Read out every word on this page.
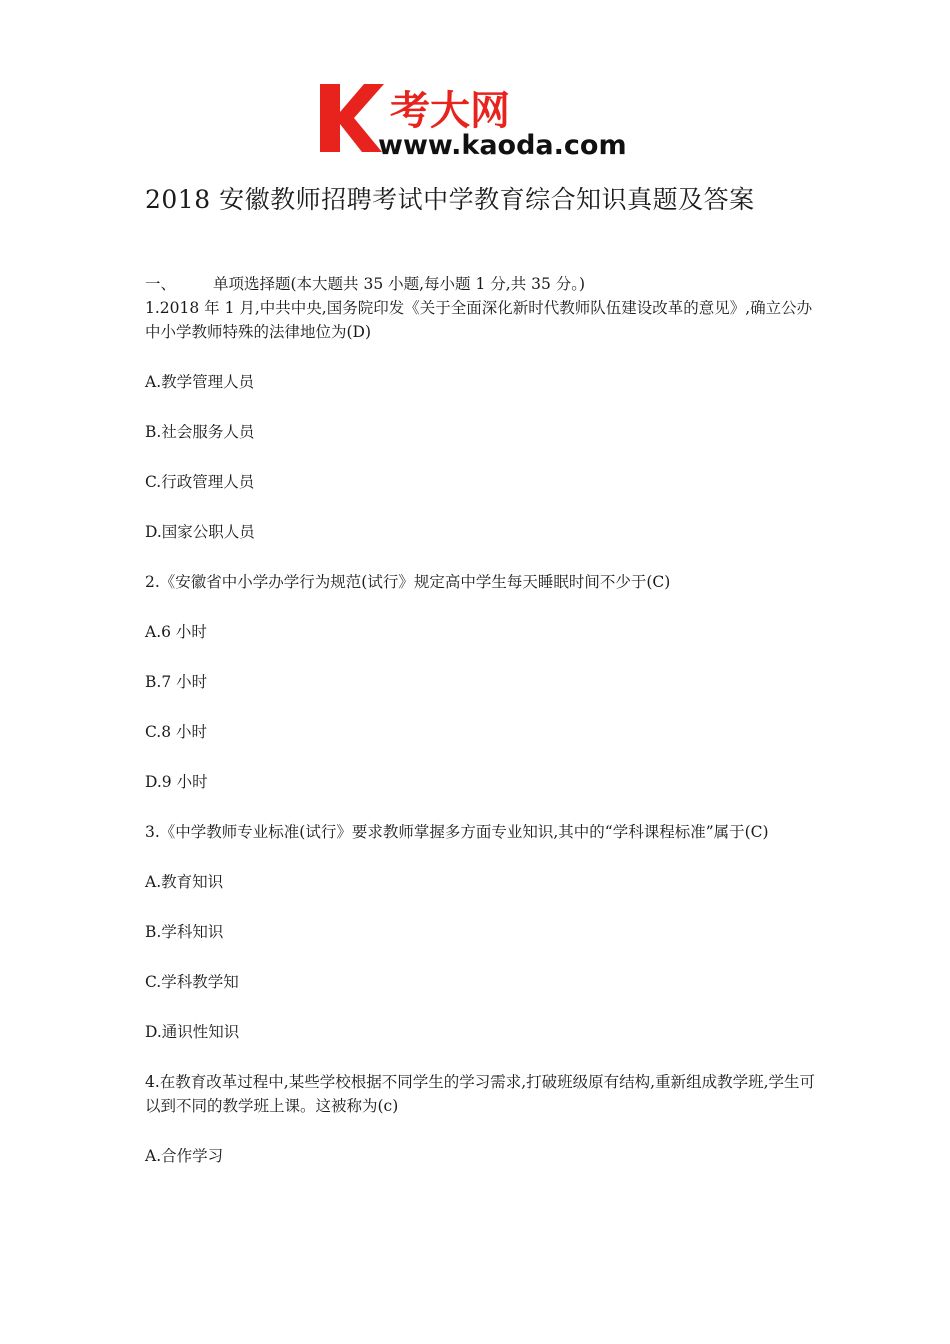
考大网
www.kaoda.com
2018 安徽教师招聘考试中学教育综合知识真题及答案
一、	单项选择题(本大题共 35 小题,每小题 1 分,共 35 分。)

1.2018 年 1 月,中共中央,国务院印发《关于全面深化新时代教师队伍建设改革的意见》,确立公办中小学教师特殊的法律地位为(D)

A.教学管理人员

B.社会服务人员

C.行政管理人员

D.国家公职人员

2.《安徽省中小学办学行为规范(试行》规定高中学生每天睡眠时间不少于(C)

A.6 小时

B.7 小时

C.8 小时

D.9 小时

3.《中学教师专业标准(试行》要求教师掌握多方面专业知识,其中的“学科课程标准”属于(C)

A.教育知识

B.学科知识

C.学科教学知

D.通识性知识

4.在教育改革过程中,某些学校根据不同学生的学习需求,打破班级原有结构,重新组成教学班,学生可以到不同的教学班上课。这被称为(c)

A.合作学习
